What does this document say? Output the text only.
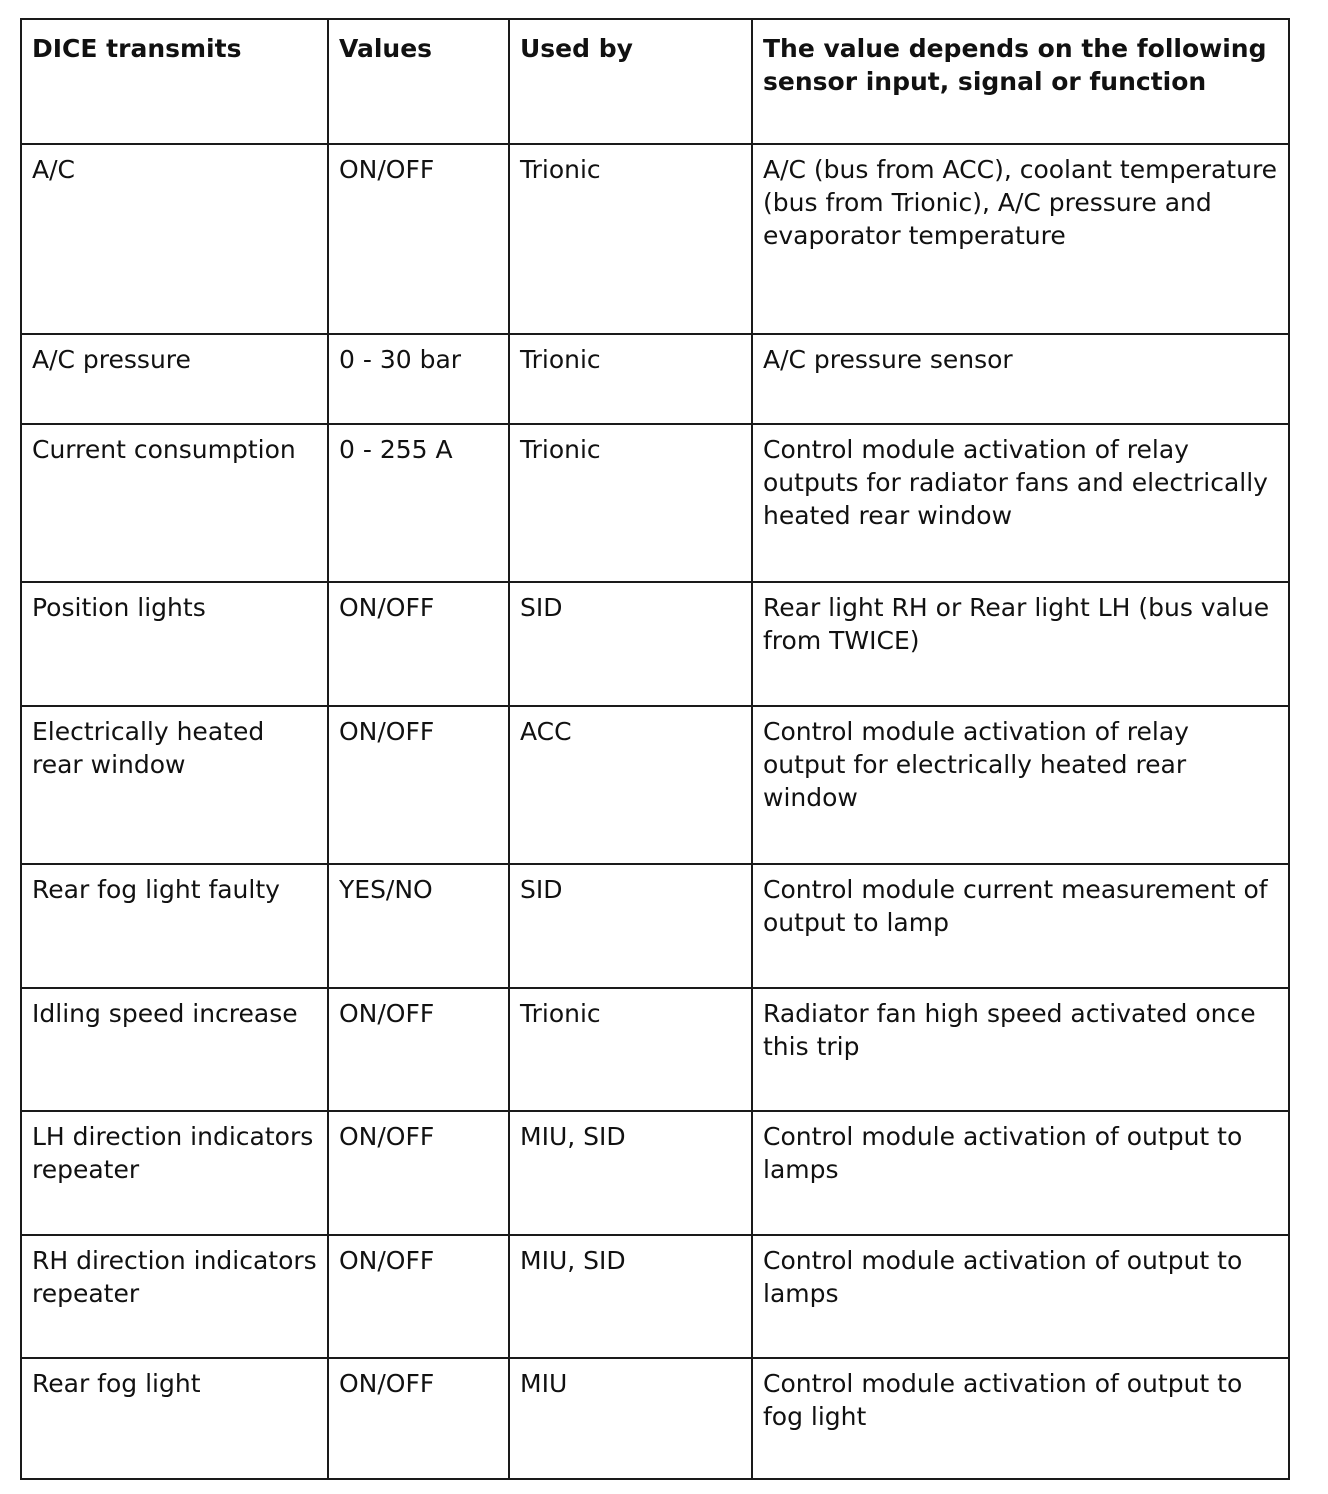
DICE transmits	Values	Used by	The value depends on the following sensor input, signal or function
A/C	ON/OFF	Trionic	A/C (bus from ACC), coolant temperature (bus from Trionic), A/C pressure and evaporator temperature
A/C pressure	0 - 30 bar	Trionic	A/C pressure sensor
Current consumption	0 - 255 A	Trionic	Control module activation of relay outputs for radiator fans and electrically heated rear window
Position lights	ON/OFF	SID	Rear light RH or Rear light LH (bus value from TWICE)
Electrically heated rear window	ON/OFF	ACC	Control module activation of relay output for electrically heated rear window
Rear fog light faulty	YES/NO	SID	Control module current measurement of output to lamp
Idling speed increase	ON/OFF	Trionic	Radiator fan high speed activated once this trip
LH direction indicators repeater	ON/OFF	MIU, SID	Control module activation of output to lamps
RH direction indicators repeater	ON/OFF	MIU, SID	Control module activation of output to lamps
Rear fog light	ON/OFF	MIU	Control module activation of output to fog light
